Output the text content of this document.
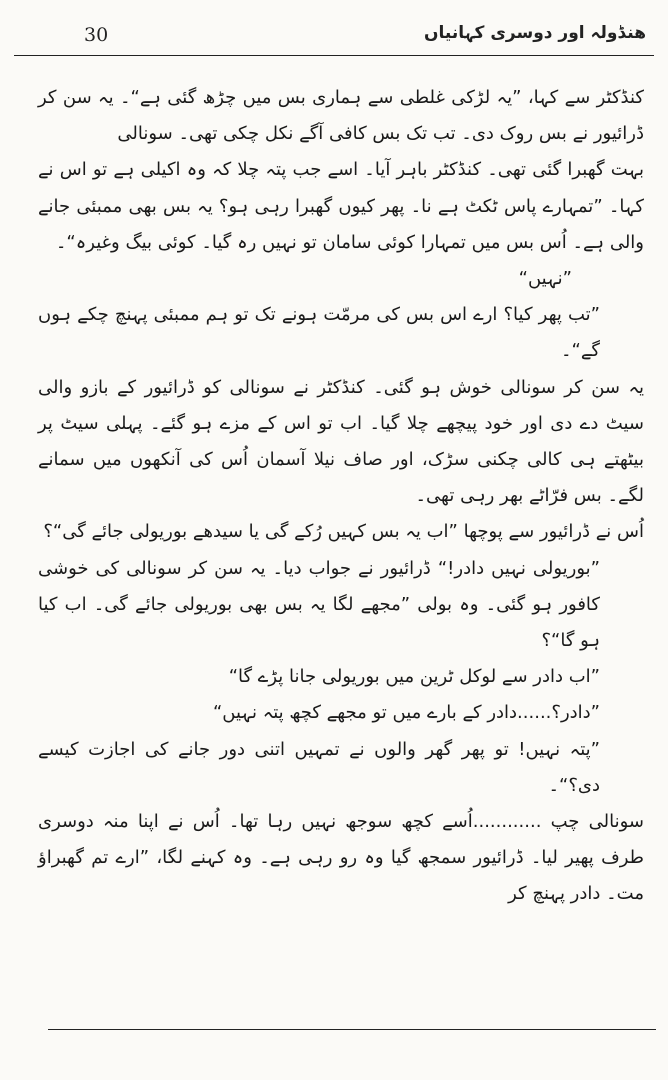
30	ھنڈولہ اور دوسری کہانیاں

کنڈکٹر سے کہا، ”یہ لڑکی غلطی سے ہماری بس میں چڑھ گئی ہے“۔ یہ سن کر ڈرائیور نے بس روک دی۔ تب تک بس کافی آگے نکل چکی تھی۔ سونالی

بہت گھبرا گئی تھی۔ کنڈکٹر باہر آیا۔ اسے جب پتہ چلا کہ وہ اکیلی ہے تو اس نے کہا۔ ”تمہارے پاس ٹکٹ ہے نا۔ پھر کیوں گھبرا رہی ہو؟ یہ بس بھی ممبئی جانے والی ہے۔ اُس بس میں تمہارا کوئی سامان تو نہیں رہ گیا۔ کوئی بیگ وغیرہ“۔

”نہیں“

”تب پھر کیا؟ ارے اس بس کی مرمّت ہونے تک تو ہم ممبئی پہنچ چکے ہوں گے“۔

یہ سن کر سونالی خوش ہو گئی۔ کنڈکٹر نے سونالی کو ڈرائیور کے بازو والی سیٹ دے دی اور خود پیچھے چلا گیا۔ اب تو اس کے مزے ہو گئے۔ پہلی سیٹ پر بیٹھتے ہی کالی چکنی سڑک، اور صاف نیلا آسمان اُس کی آنکھوں میں سمانے لگے۔ بس فرّاٹے بھر رہی تھی۔

اُس نے ڈرائیور سے پوچھا ”اب یہ بس کہیں رُکے گی یا سیدھے بوریولی جائے گی“؟

”بوریولی نہیں دادر!“ ڈرائیور نے جواب دیا۔ یہ سن کر سونالی کی خوشی کافور ہو گئی۔ وہ بولی ”مجھے لگا یہ بس بھی بوریولی جائے گی۔ اب کیا ہو گا“؟

”اب دادر سے لوکل ٹرین میں بوریولی جانا پڑے گا“

”دادر؟......دادر کے بارے میں تو مجھے کچھ پتہ نہیں“

”پتہ نہیں! تو پھر گھر والوں نے تمہیں اتنی دور جانے کی اجازت کیسے دی؟“۔

سونالی چپ ............اُسے کچھ سوجھ نہیں رہا تھا۔ اُس نے اپنا منہ دوسری طرف پھیر لیا۔ ڈرائیور سمجھ گیا وہ رو رہی ہے۔ وہ کہنے لگا، ”ارے تم گھبراؤ مت۔ دادر پہنچ کر
